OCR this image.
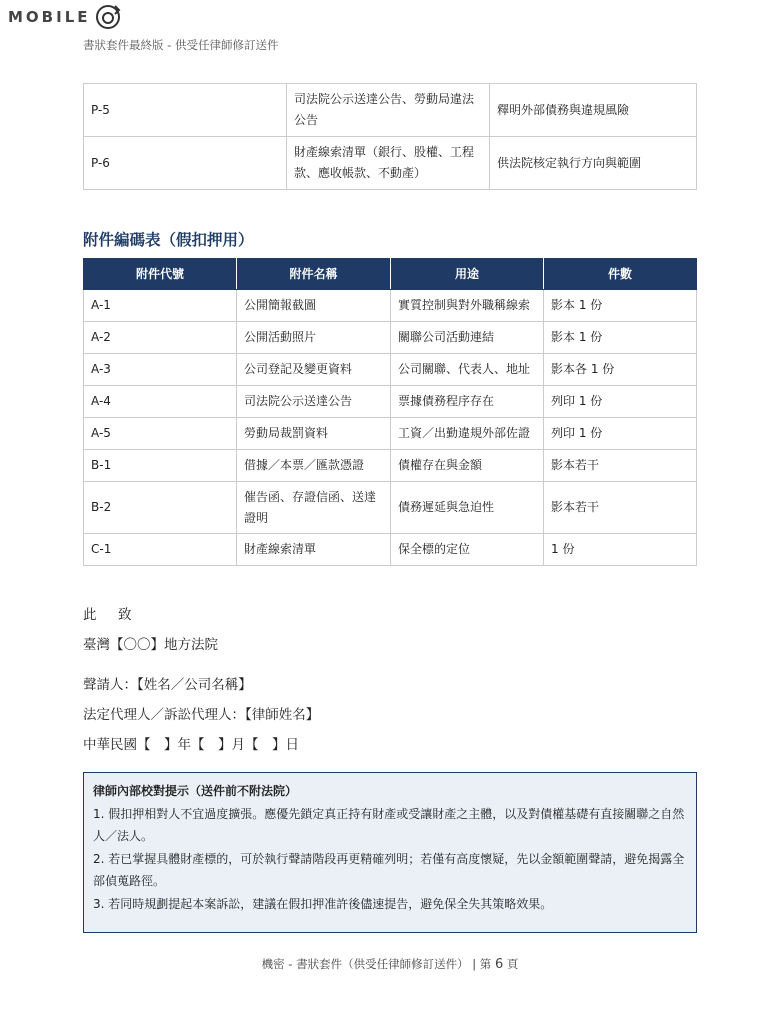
MOBILE
書狀套件最終版 - 供受任律師修訂送件
P-5	司法院公示送達公告、勞動局違法公告	釋明外部債務與違規風險
P-6	財產線索清單（銀行、股權、工程款、應收帳款、不動產）	供法院核定執行方向與範圍
附件編碼表（假扣押用）
附件代號	附件名稱	用途	件數
A-1	公開簡報截圖	實質控制與對外職稱線索	影本 1 份
A-2	公開活動照片	關聯公司活動連結	影本 1 份
A-3	公司登記及變更資料	公司關聯、代表人、地址	影本各 1 份
A-4	司法院公示送達公告	票據債務程序存在	列印 1 份
A-5	勞動局裁罰資料	工資／出勤違規外部佐證	列印 1 份
B-1	借據／本票／匯款憑證	債權存在與金額	影本若干
B-2	催告函、存證信函、送達證明	債務遲延與急迫性	影本若干
C-1	財產線索清單	保全標的定位	1 份
此　致
臺灣【〇〇】地方法院
聲請人：【姓名／公司名稱】
法定代理人／訴訟代理人：【律師姓名】
中華民國【　】年【　】月【　】日
律師內部校對提示（送件前不附法院）
1. 假扣押相對人不宜過度擴張。應優先鎖定真正持有財產或受讓財產之主體，以及對債權基礎有直接關聯之自然人／法人。
2. 若已掌握具體財產標的，可於執行聲請階段再更精確列明；若僅有高度懷疑，先以金額範圍聲請，避免揭露全部偵蒐路徑。
3. 若同時規劃提起本案訴訟，建議在假扣押准許後儘速提告，避免保全失其策略效果。
機密 - 書狀套件（供受任律師修訂送件） | 第 6 頁
